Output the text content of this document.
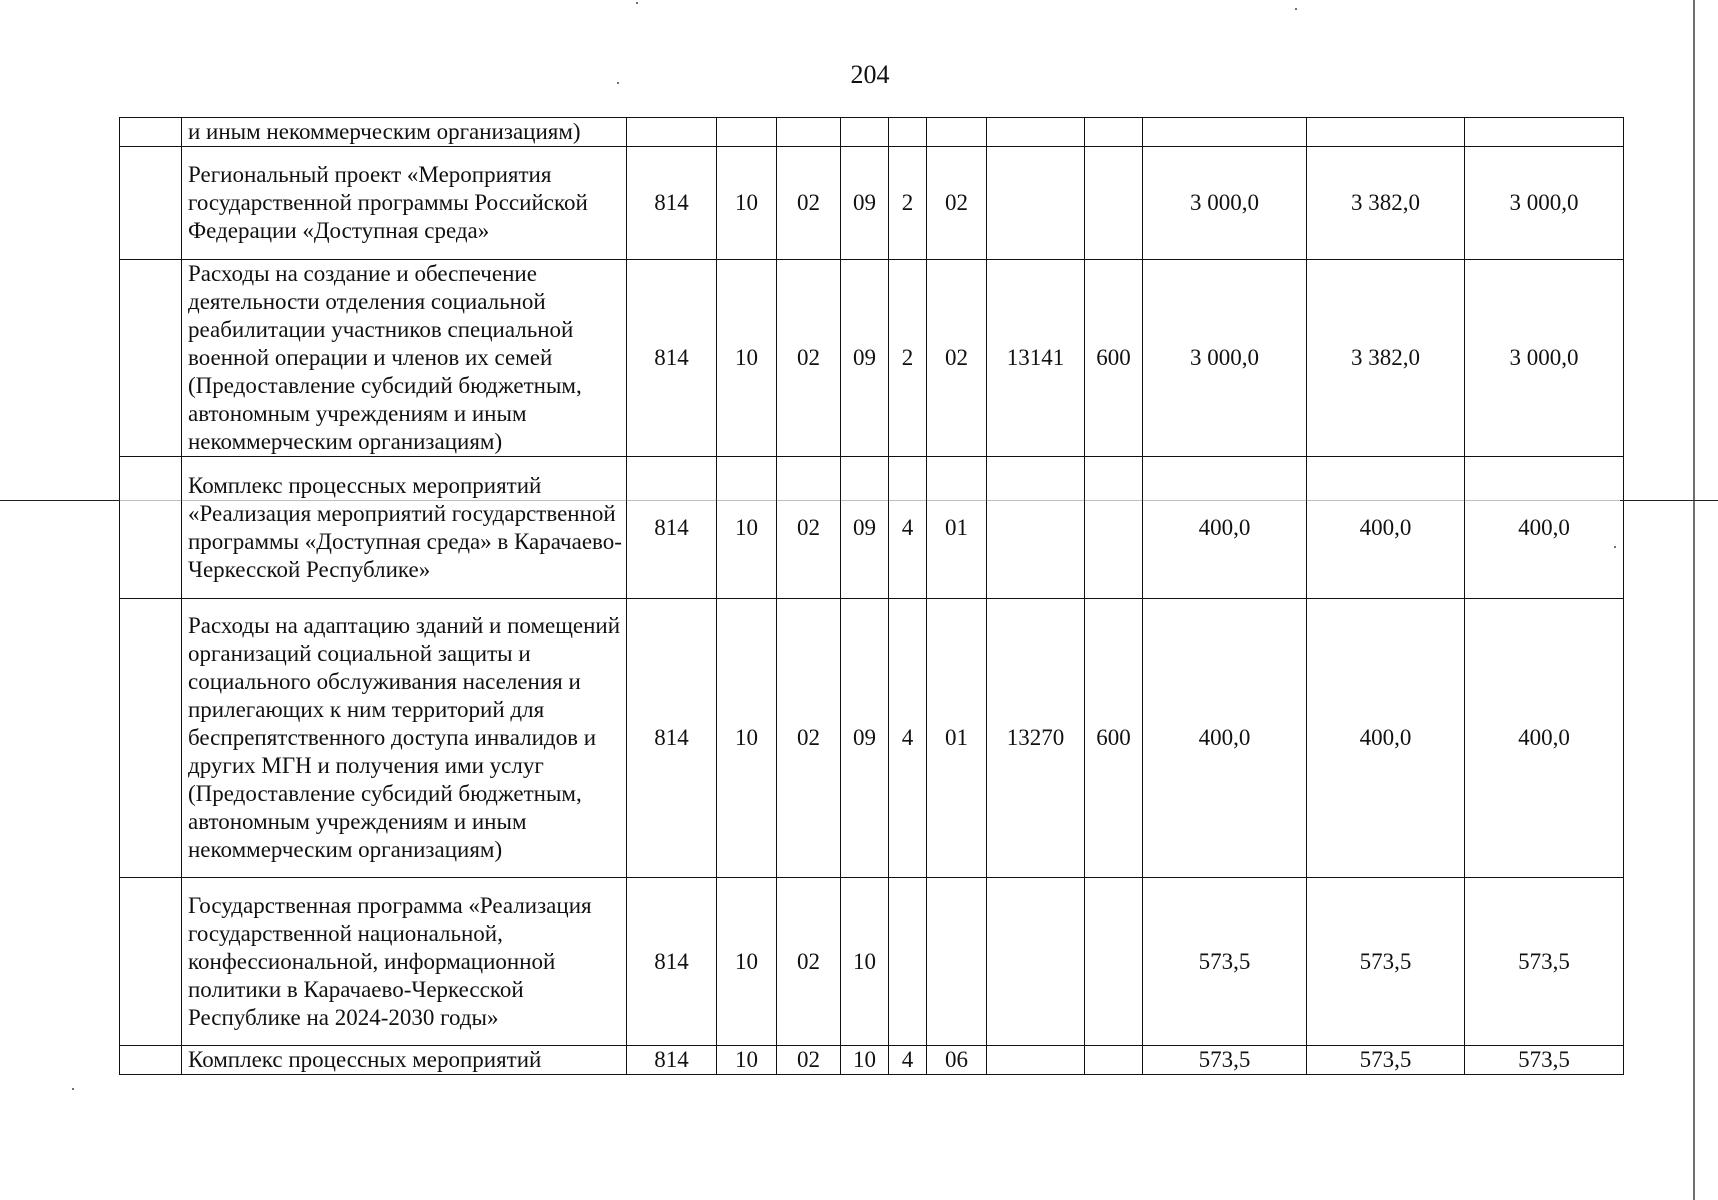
204
	и иным некоммерческим организациям)											
	Региональный проект «Мероприятия государственной программы Российской Федерации «Доступная среда»	814	10	02	09	2	02			3 000,0	3 382,0	3 000,0
	Расходы на создание и обеспечение деятельности отделения социальной реабилитации участников специальной военной операции и членов их семей (Предоставление субсидий бюджетным, автономным учреждениям и иным некоммерческим организациям)	814	10	02	09	2	02	13141	600	3 000,0	3 382,0	3 000,0
	Комплекс процессных мероприятий «Реализация мероприятий государственной программы «Доступная среда» в Карачаево-Черкесской Республике»	814	10	02	09	4	01			400,0	400,0	400,0
	Расходы на адаптацию зданий и помещений организаций социальной защиты и социального обслуживания населения и прилегающих к ним территорий для беспрепятственного доступа инвалидов и других МГН и получения ими услуг (Предоставление субсидий бюджетным, автономным учреждениям и иным некоммерческим организациям)	814	10	02	09	4	01	13270	600	400,0	400,0	400,0
	Государственная программа «Реализация государственной национальной, конфессиональной, информационной политики в Карачаево-Черкесской Республике на 2024-2030 годы»	814	10	02	10					573,5	573,5	573,5
	Комплекс процессных мероприятий	814	10	02	10	4	06			573,5	573,5	573,5
